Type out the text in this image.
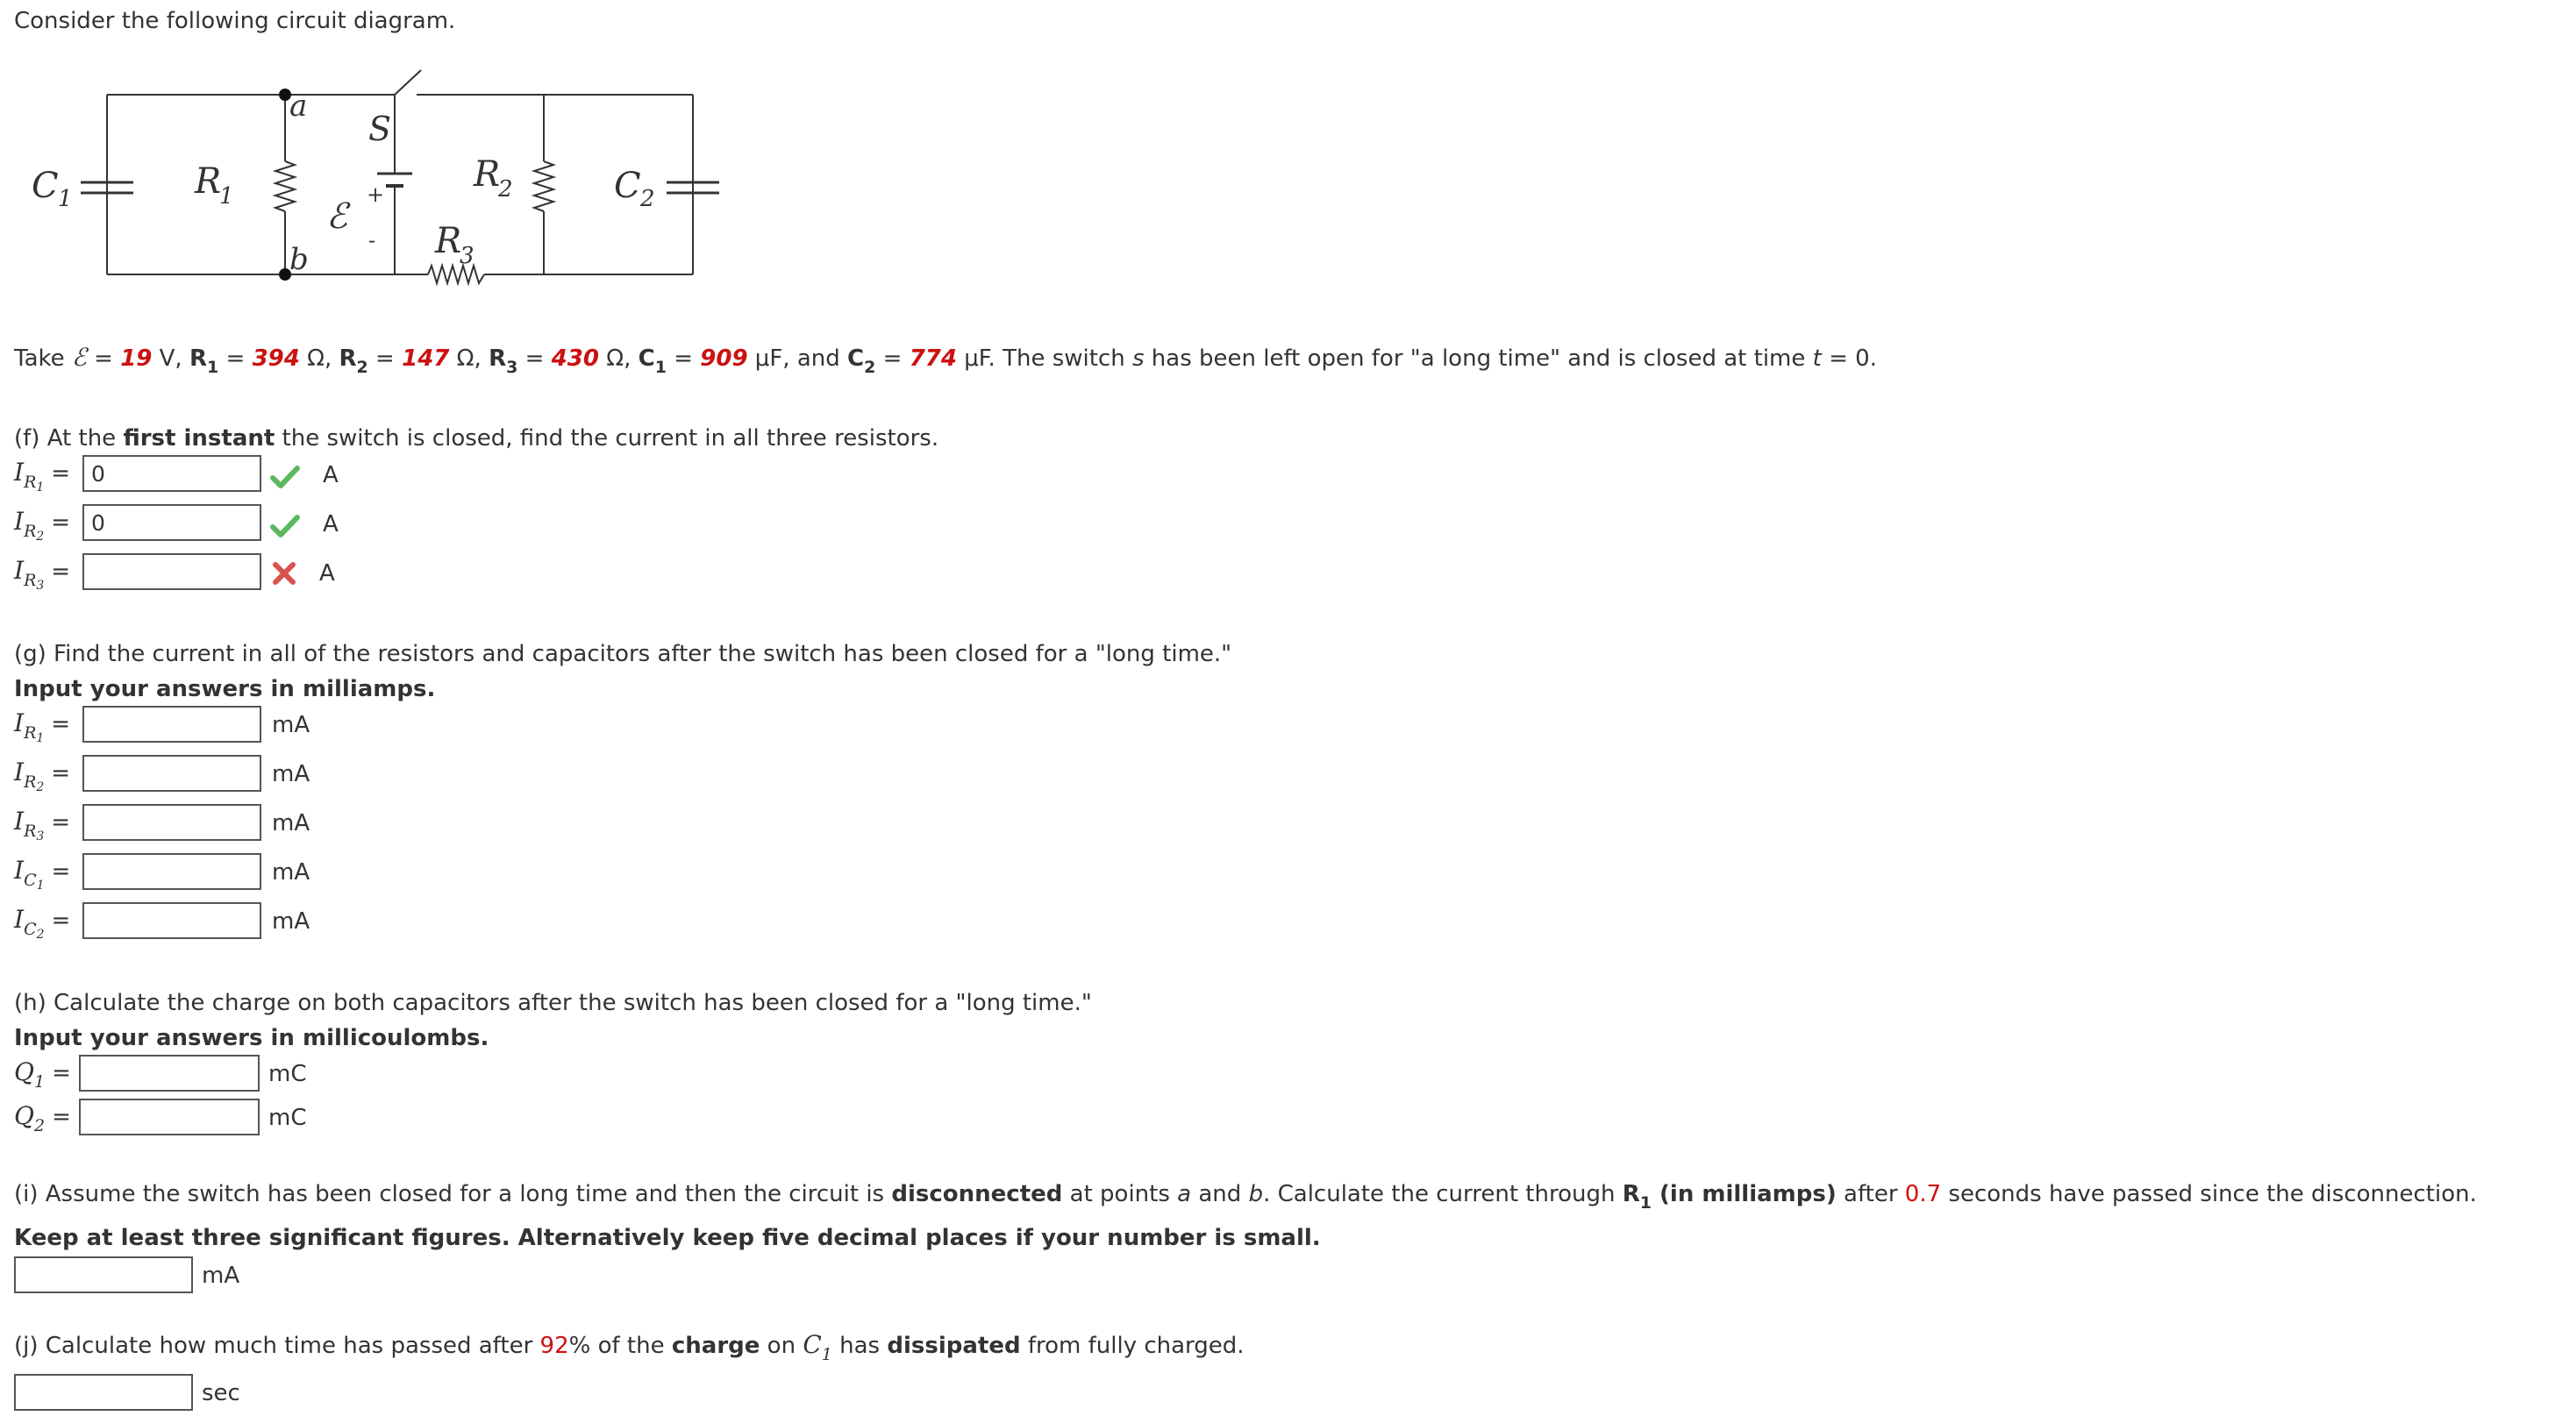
Consider the following circuit diagram.
a
b
S
C 1	R
1	ℰ
+
-
R
2
R
3
C 2
Take ℰ = 19 V, $R_1 = 394$ Ω, $R_2 = 147$ Ω, $R_3 = 430$ Ω, $C_1 = 909$ μF, and $C_2 = 774$ μF. The switch s has been left open for "a long time" and is closed at time t = 0.
(f) At the first instant the switch is closed, find the current in all three resistors.
IR1=
0	A
IR2=
0	A
IR3=	A
(g) Find the current in all of the resistors and capacitors after the switch has been closed for a "long time."
Input your answers in milliamps.
IR1=	mA
IR2=	mA
IR3=	mA
IC1=	mA
IC2=	mA
(h) Calculate the charge on both capacitors after the switch has been closed for a "long time."
Input your answers in millicoulombs.
Q1 =	mC
Q2 =	mC
(i) Assume the switch has been closed for a long time and then the circuit is disconnected at points a and b. Calculate the current through $R_1$ (in milliamps) after 0.7 seconds have passed since the disconnection.
Keep at least three significant figures. Alternatively keep five decimal places if your number is small.
mA
(j) Calculate how much time has passed after 92% of the charge on $C_1$ has dissipated from fully charged.
sec
